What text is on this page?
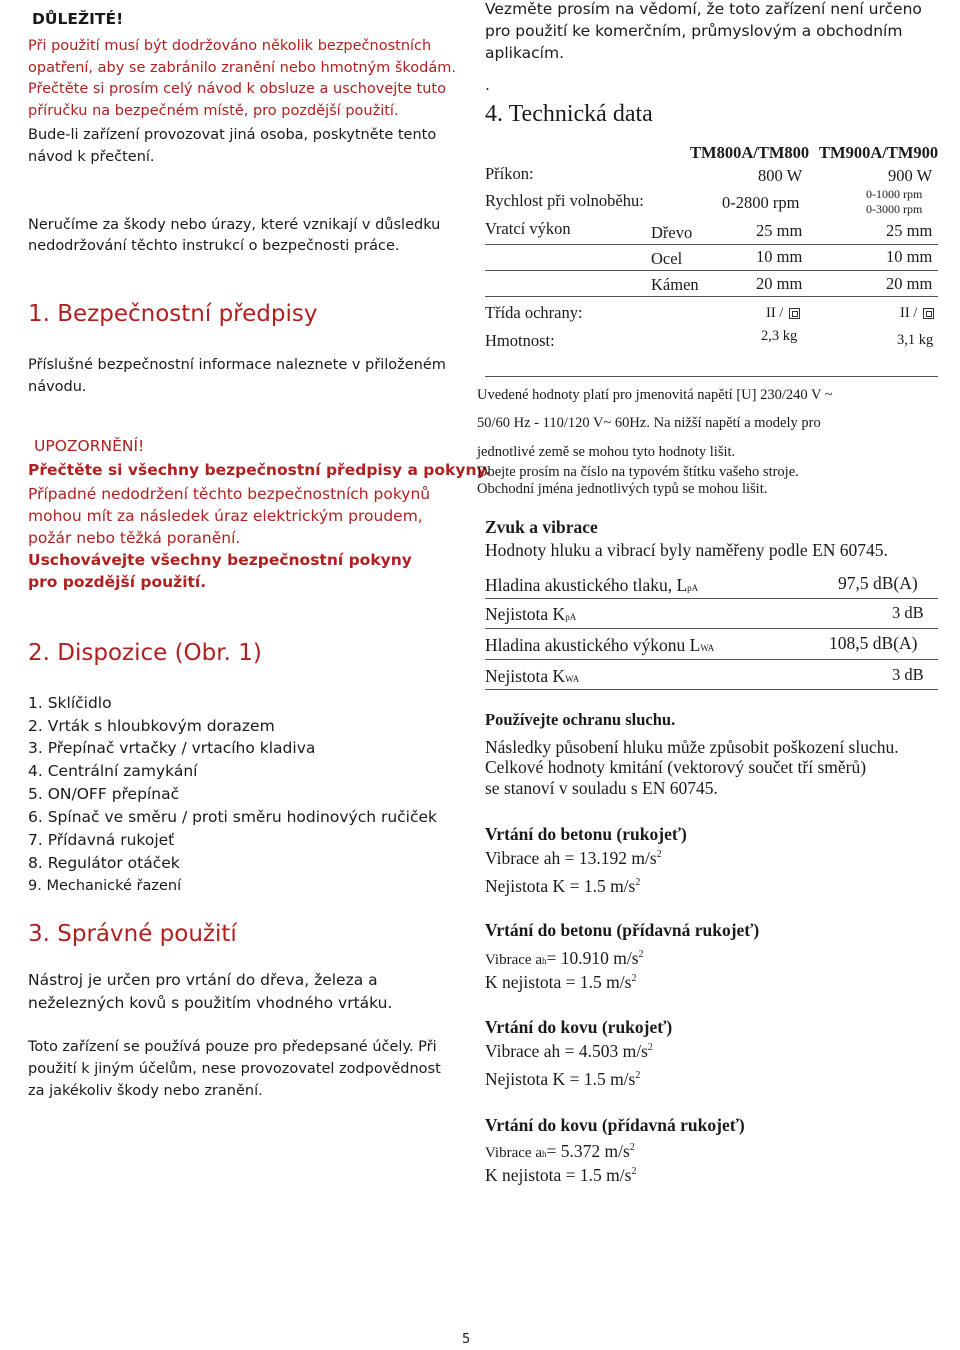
DŮLEŽITÉ!
Při použití musí být dodržováno několik bezpečnostních
opatření, aby se zabránilo zranění nebo hmotným škodám.
Přečtěte si prosím celý návod k obsluze a uschovejte tuto
příručku na bezpečném místě, pro pozdější použití.
Bude-li zařízení provozovat jiná osoba, poskytněte tento
návod k přečtení.
Neručíme za škody nebo úrazy, které vznikají v důsledku
nedodržování těchto instrukcí o bezpečnosti práce.
1. Bezpečnostní předpisy
Příslušné bezpečnostní informace naleznete v přiloženém
návodu.
UPOZORNĚNÍ!
Přečtěte si všechny bezpečnostní předpisy a pokyny.
Případné nedodržení těchto bezpečnostních pokynů
mohou mít za následek úraz elektrickým proudem,
požár nebo těžká poranění.
Uschovávejte všechny bezpečnostní pokyny
pro pozdější použití.
2. Dispozice (Obr. 1)
1. Sklíčidlo
2. Vrták s hloubkovým dorazem
3. Přepínač vrtačky / vrtacího kladiva
4. Centrální zamykání
5. ON/OFF přepínač
6. Spínač ve směru / proti směru hodinových ručiček
7. Přídavná rukojeť
8. Regulátor otáček
9. Mechanické řazení
3. Správné použití
Nástroj je určen pro vrtání do dřeva, železa a
neželezných kovů s použitím vhodného vrtáku.
Toto zařízení se používá pouze pro předepsané účely. Při
použití k jiným účelům, nese provozovatel zodpovědnost
za jakékoliv škody nebo zranění.
Vezměte prosím na vědomí, že toto zařízení není určeno
pro použití ke komerčním, průmyslovým a obchodním
aplikacím.
.
4. Technická data
TM800A/TM800 TM900A/TM900
Příkon:	800 W	900 W
Rychlost při volnoběhu:	0-2800 rpm	0-1000 rpm
0-3000 rpm
Vratcí výkon	Dřevo	25 mm	25 mm
Ocel	10 mm	10 mm
Kámen	20 mm	20 mm
Třída ochrany:	II /	II /
Hmotnost:	2,3 kg	3,1 kg
Uvedené hodnoty platí pro jmenovitá napětí [U] 230/240 V ~
50/60 Hz - 110/120 V~ 60Hz. Na nižší napětí a modely pro
jednotlivé země se mohou tyto hodnoty lišit.
Dbejte prosím na číslo na typovém štítku vašeho stroje.
Obchodní jména jednotlivých typů se mohou lišit.
Zvuk a vibrace
Hodnoty hluku a vibrací byly naměřeny podle EN 60745.
Hladina akustického tlaku, LpA	97,5 dB(A)
Nejistota KpA	3 dB
Hladina akustického výkonu LWA	108,5 dB(A)
Nejistota KWA	3 dB
Používejte ochranu sluchu.
Následky působení hluku může způsobit poškození sluchu.
Celkové hodnoty kmitání (vektorový součet tří směrů)
se stanoví v souladu s EN 60745.
Vrtání do betonu (rukojeť)
Vibrace ah = 13.192 $m/s^2$
Nejistota K = 1.5 $m/s^2$
Vrtání do betonu (přídavná rukojeť)
Vibrace ah= 10.910 $m/s^2$
K nejistota = 1.5 $m/s^2$
Vrtání do kovu (rukojeť)
Vibrace ah = 4.503 $m/s^2$
Nejistota K = 1.5 $m/s^2$
Vrtání do kovu (přídavná rukojeť)
Vibrace ah= 5.372 $m/s^2$
K nejistota = 1.5 $m/s^2$
5
